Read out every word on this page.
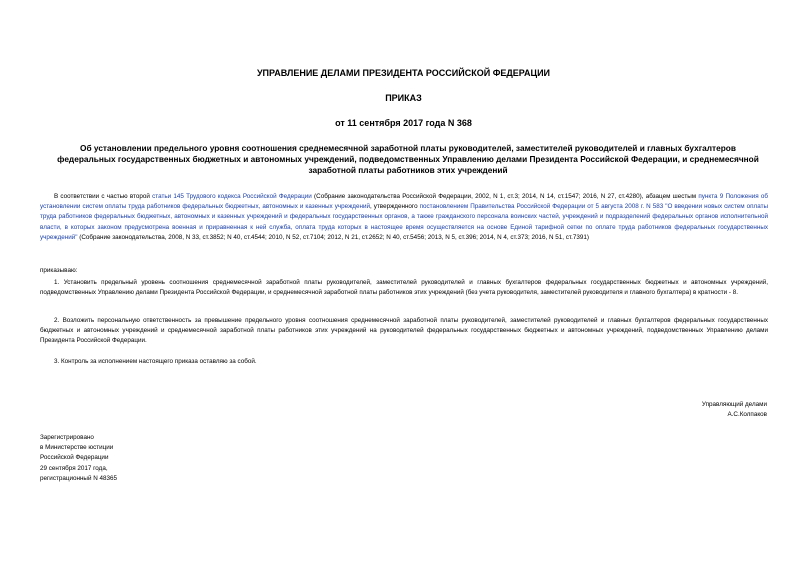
УПРАВЛЕНИЕ ДЕЛАМИ ПРЕЗИДЕНТА РОССИЙСКОЙ ФЕДЕРАЦИИ
ПРИКАЗ
от 11 сентября 2017 года N 368
Об установлении предельного уровня соотношения среднемесячной заработной платы руководителей, заместителей руководителей и главных бухгалтеров федеральных государственных бюджетных и автономных учреждений, подведомственных Управлению делами Президента Российской Федерации, и среднемесячной заработной платы работников этих учреждений

В соответствии с частью второй статьи 145 Трудового кодекса Российской Федерации (Собрание законодательства Российской Федерации, 2002, N 1, ст.3; 2014, N 14, ст.1547; 2016, N 27, ст.4280), абзацем шестым пункта 9 Положения об установлении систем оплаты труда работников федеральных бюджетных, автономных и казенных учреждений, утвержденного постановлением Правительства Российской Федерации от 5 августа 2008 г. N 583 "О введении новых систем оплаты труда работников федеральных бюджетных, автономных и казенных учреждений и федеральных государственных органов, а также гражданского персонала воинских частей, учреждений и подразделений федеральных органов исполнительной власти, в которых законом предусмотрена военная и приравненная к ней служба, оплата труда которых в настоящее время осуществляется на основе Единой тарифной сетки по оплате труда работников федеральных государственных учреждений" (Собрание законодательства, 2008, N 33, ст.3852; N 40, ст.4544; 2010, N 52, ст.7104; 2012, N 21, ст.2652; N 40, ст.5456; 2013, N 5, ст.396; 2014, N 4, ст.373; 2016, N 51, ст.7391)

приказываю:

1. Установить предельный уровень соотношения среднемесячной заработной платы руководителей, заместителей руководителей и главных бухгалтеров федеральных государственных бюджетных и автономных учреждений, подведомственных Управлению делами Президента Российской Федерации, и среднемесячной заработной платы работников этих учреждений (без учета руководителя, заместителей руководителя и главного бухгалтера) в кратности - 8.

2. Возложить персональную ответственность за превышение предельного уровня соотношения среднемесячной заработной платы руководителей, заместителей руководителей и главных бухгалтеров федеральных государственных бюджетных и автономных учреждений и среднемесячной заработной платы работников этих учреждений на руководителей федеральных государственных бюджетных и автономных учреждений, подведомственных Управлению делами Президента Российской Федерации.

3. Контроль за исполнением настоящего приказа оставляю за собой.

Управляющий делами
А.С.Колпаков
Зарегистрировано
в Министерстве юстиции
Российской Федерации
29 сентября 2017 года,
регистрационный N 48365
